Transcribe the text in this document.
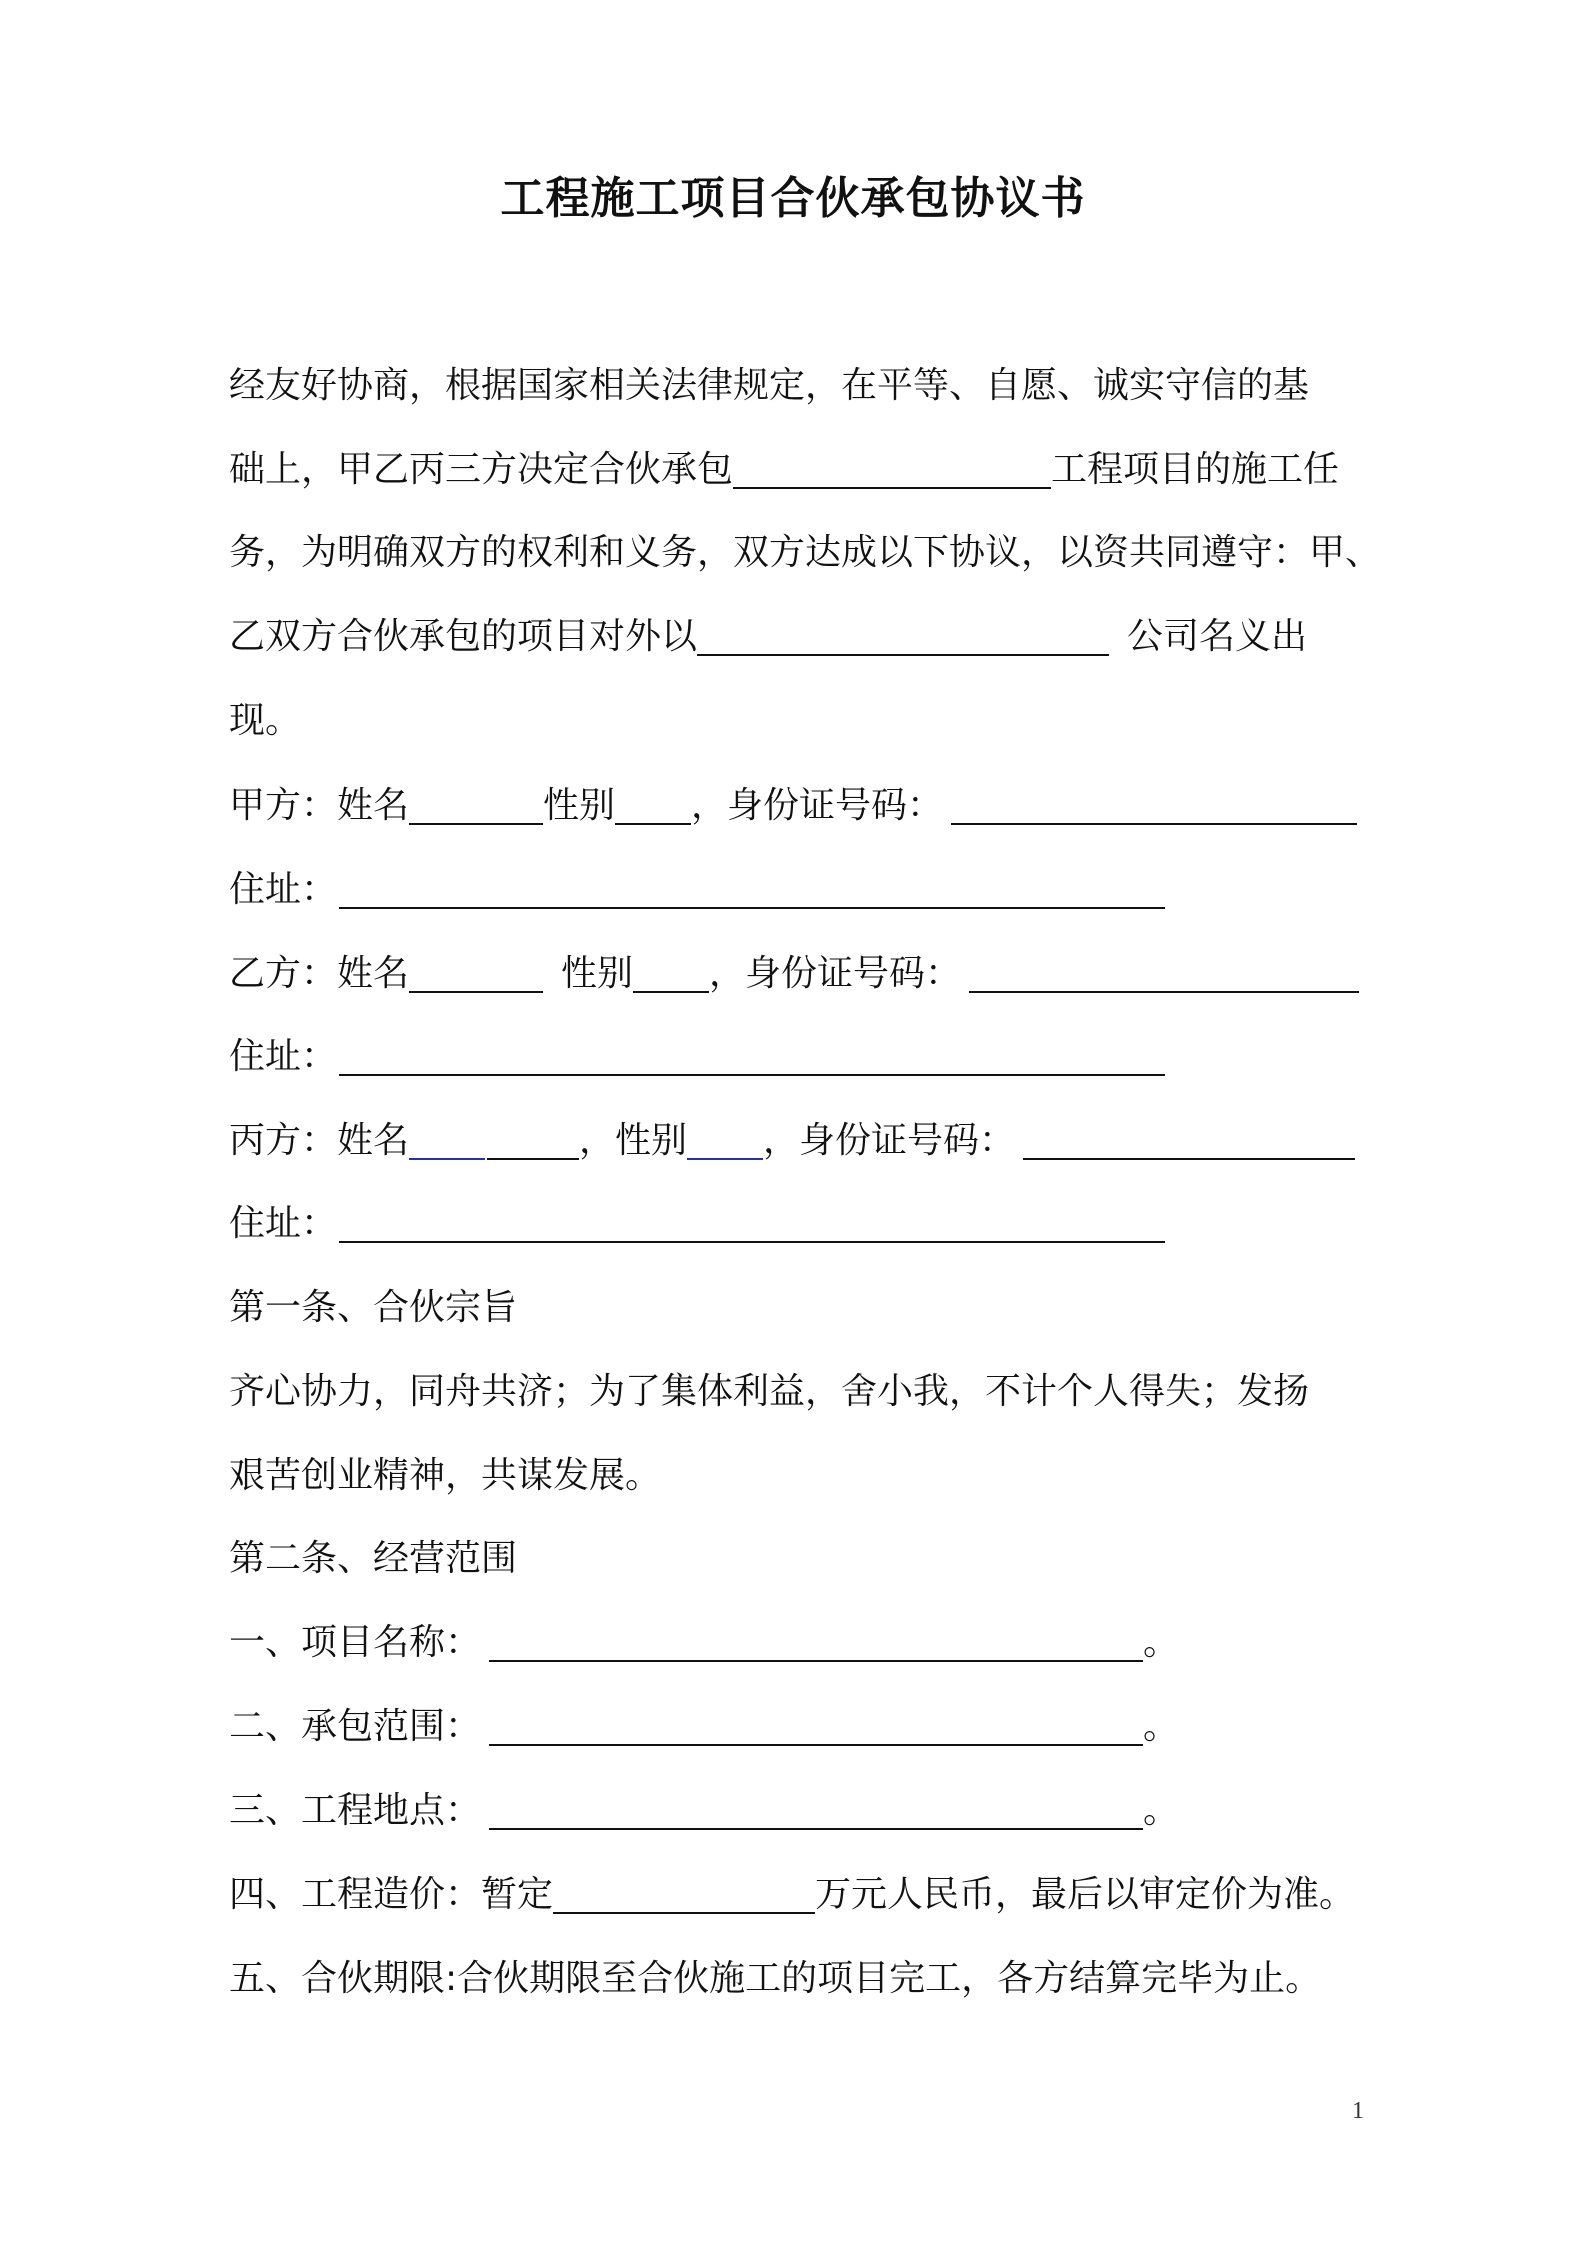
工程施工项目合伙承包协议书
经友好协商，根据国家相关法律规定，在平等、自愿、诚实守信的基
础上，甲乙丙三方决定合伙承包	工程项目的施工任
务，为明确双方的权利和义务，双方达成以下协议，以资共同遵守：甲、
乙双方合伙承包的项目对外以	公司名义出
现。
甲方：姓名	性别 ，身份证号码：
住址：
乙方：姓名	性别 ，身份证号码：
住址：
丙方：姓名	，性别 ，身份证号码：
住址：
第一条、合伙宗旨
齐心协力，同舟共济；为了集体利益，舍小我，不计个人得失；发扬
艰苦创业精神，共谋发展。
第二条、经营范围
一、项目名称：	。
二、承包范围：	。
三、工程地点：	。
四、工程造价：暂定	万元人民币，最后以审定价为准。
五、合伙期限:合伙期限至合伙施工的项目完工，各方结算完毕为止。
1
